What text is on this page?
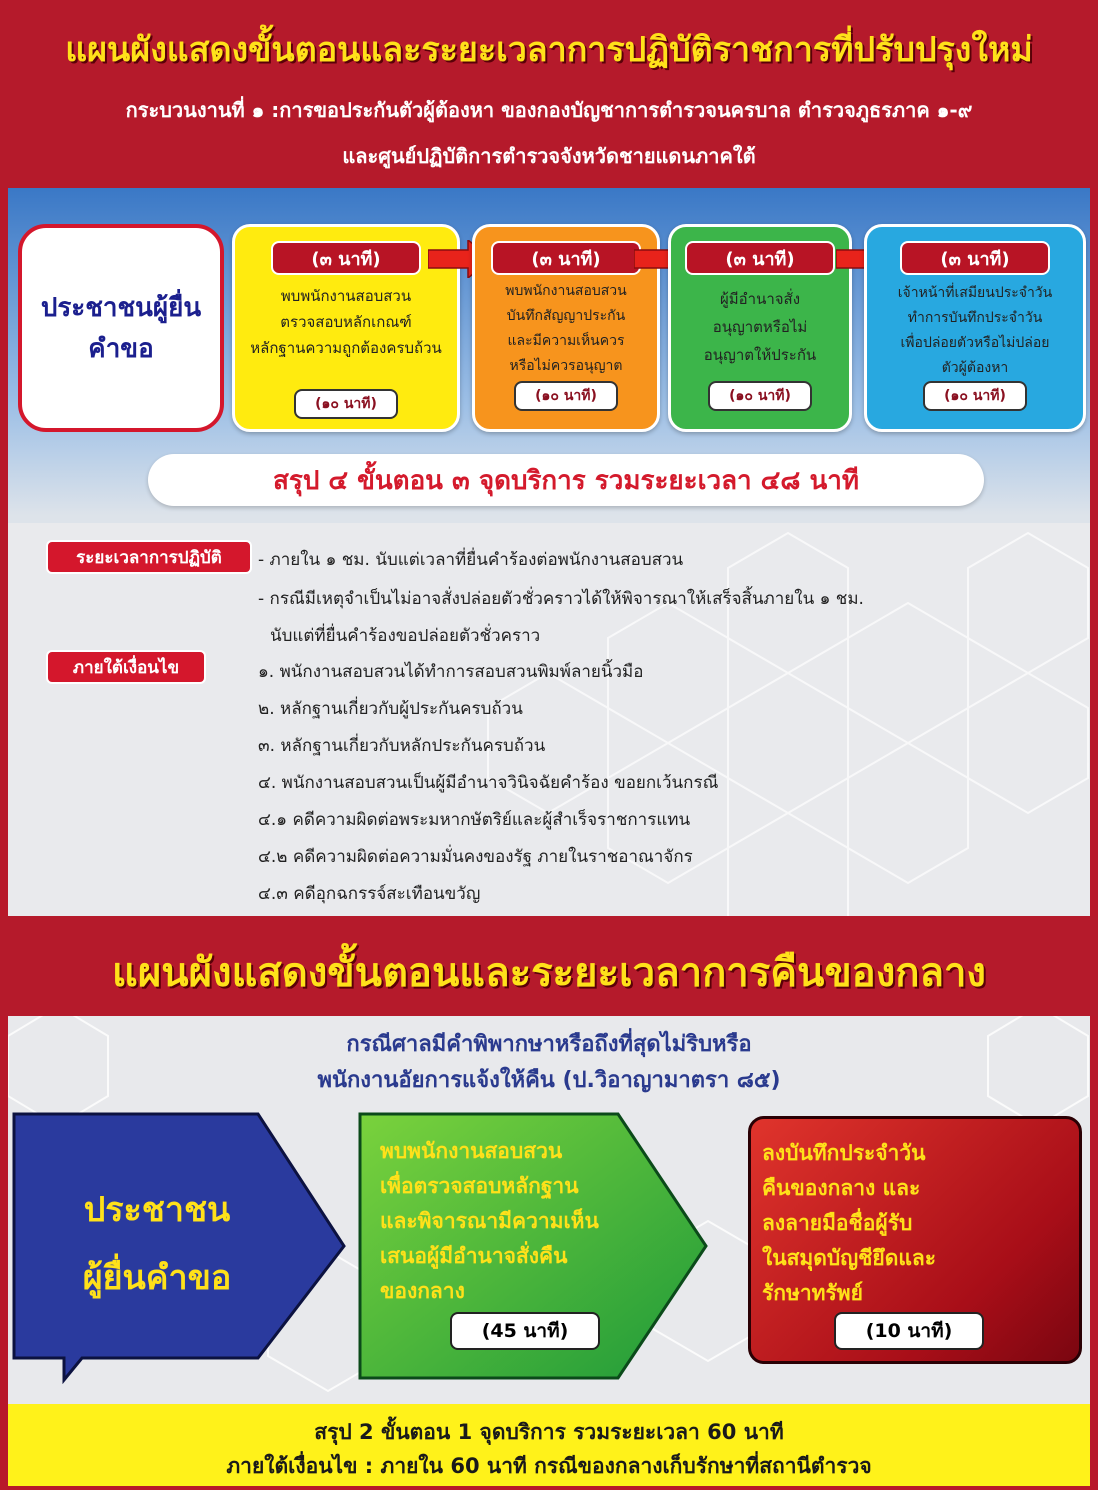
แผนผังแสดงขั้นตอนและระยะเวลาการปฏิบัติราชการที่ปรับปรุงใหม่
กระบวนงานที่ ๑ :การขอประกันตัวผู้ต้องหา ของกองบัญชาการตำรวจนครบาล ตำรวจภูธรภาค ๑-๙
และศูนย์ปฏิบัติการตำรวจจังหวัดชายแดนภาคใต้
ประชาชนผู้ยื่นคำขอ
(๓ นาที)
พบพนักงานสอบสวน
ตรวจสอบหลักเกณฑ์
หลักฐานความถูกต้องครบถ้วน
(๑๐ นาที)
(๓ นาที)
พบพนักงานสอบสวน
บันทึกสัญญาประกัน
และมีความเห็นควร
หรือไม่ควรอนุญาต
(๑๐ นาที)
(๓ นาที)
ผู้มีอำนาจสั่ง
อนุญาตหรือไม่
อนุญาตให้ประกัน
(๑๐ นาที)
(๓ นาที)
เจ้าหน้าที่เสมียนประจำวัน
ทำการบันทึกประจำวัน
เพื่อปล่อยตัวหรือไม่ปล่อย
ตัวผู้ต้องหา
(๑๐ นาที)
สรุป ๔ ขั้นตอน ๓ จุดบริการ รวมระยะเวลา ๔๘ นาที
ระยะเวลาการปฏิบัติ	- ภายใน ๑ ชม. นับแต่เวลาที่ยื่นคำร้องต่อพนักงานสอบสวน
- กรณีมีเหตุจำเป็นไม่อาจสั่งปล่อยตัวชั่วคราวได้ให้พิจารณาให้เสร็จสิ้นภายใน ๑ ชม.
นับแต่ที่ยื่นคำร้องขอปล่อยตัวชั่วคราว
ภายใต้เงื่อนไข	๑. พนักงานสอบสวนได้ทำการสอบสวนพิมพ์ลายนิ้วมือ
๒. หลักฐานเกี่ยวกับผู้ประกันครบถ้วน
๓. หลักฐานเกี่ยวกับหลักประกันครบถ้วน
๔. พนักงานสอบสวนเป็นผู้มีอำนาจวินิจฉัยคำร้อง ขอยกเว้นกรณี
๔.๑ คดีความผิดต่อพระมหากษัตริย์และผู้สำเร็จราชการแทน
๔.๒ คดีความผิดต่อความมั่นคงของรัฐ ภายในราชอาณาจักร
๔.๓ คดีอุกฉกรรจ์สะเทือนขวัญ
แผนผังแสดงขั้นตอนและระยะเวลาการคืนของกลาง
กรณีศาลมีคำพิพากษาหรือถึงที่สุดไม่ริบหรือ
พนักงานอัยการแจ้งให้คืน (ป.วิอาญามาตรา ๘๕)
ประชาชน
ผู้ยื่นคำขอ
พบพนักงานสอบสวน
เพื่อตรวจสอบหลักฐาน
และพิจารณามีความเห็น
เสนอผู้มีอำนาจสั่งคืน
ของกลาง
(45 นาที)
ลงบันทึกประจำวัน
คืนของกลาง และ
ลงลายมือชื่อผู้รับ
ในสมุดบัญชียึดและ
รักษาทรัพย์
(10 นาที)
สรุป 2 ขั้นตอน 1 จุดบริการ รวมระยะเวลา 60 นาที
ภายใต้เงื่อนไข : ภายใน 60 นาที กรณีของกลางเก็บรักษาที่สถานีตำรวจ
